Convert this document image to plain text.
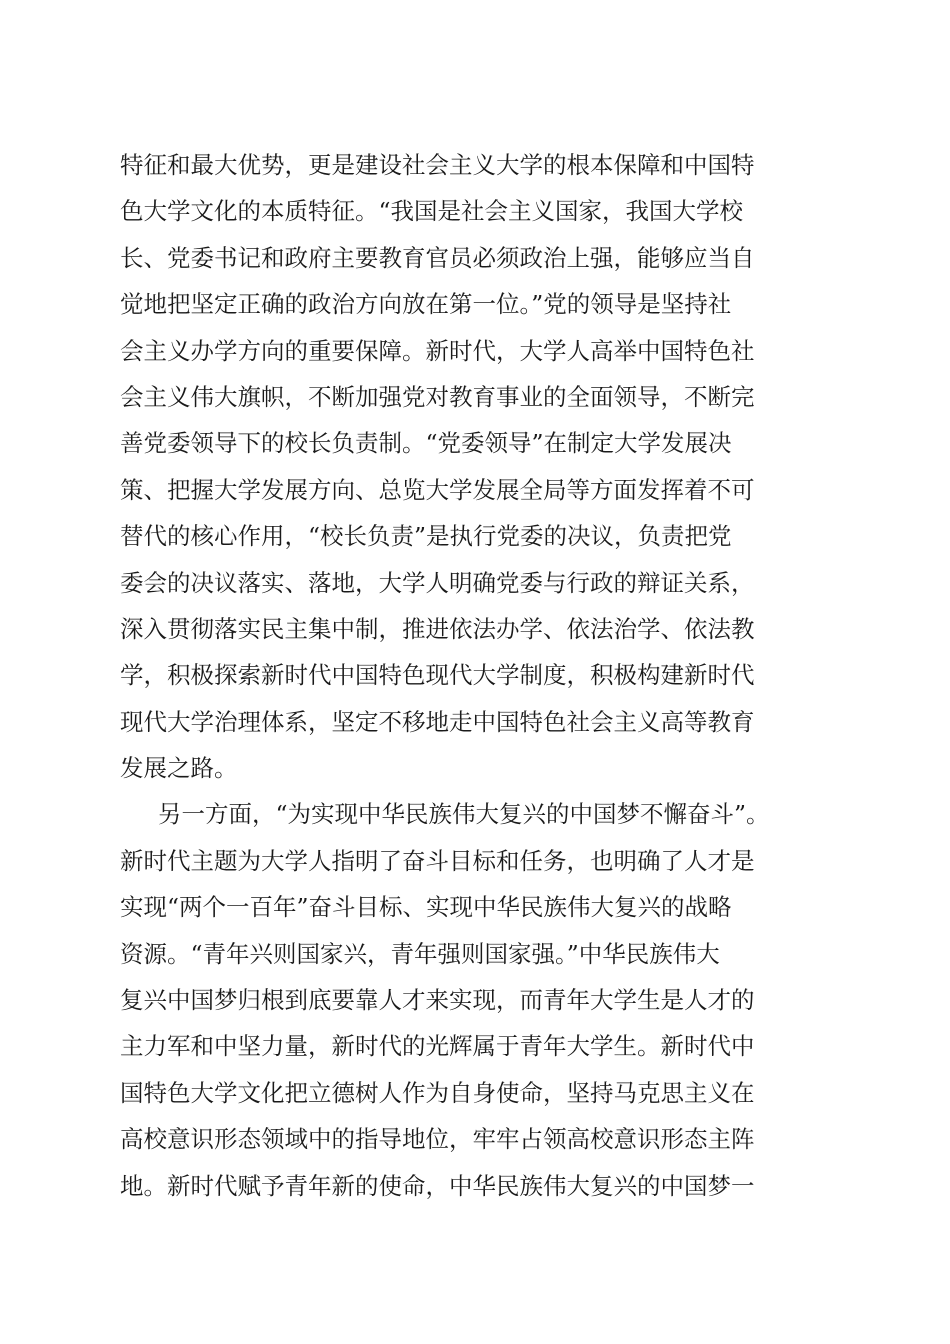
特征和最大优势，更是建设社会主义大学的根本保障和中国特
色大学文化的本质特征。“我国是社会主义国家，我国大学校
长、党委书记和政府主要教育官员必须政治上强，能够应当自
觉地把坚定正确的政治方向放在第一位。”党的领导是坚持社
会主义办学方向的重要保障。新时代，大学人高举中国特色社
会主义伟大旗帜，不断加强党对教育事业的全面领导，不断完
善党委领导下的校长负责制。“党委领导”在制定大学发展决
策、把握大学发展方向、总览大学发展全局等方面发挥着不可
替代的核心作用，“校长负责”是执行党委的决议，负责把党
委会的决议落实、落地，大学人明确党委与行政的辩证关系，
深入贯彻落实民主集中制，推进依法办学、依法治学、依法教
学，积极探索新时代中国特色现代大学制度，积极构建新时代
现代大学治理体系，坚定不移地走中国特色社会主义高等教育
发展之路。
另一方面，“为实现中华民族伟大复兴的中国梦不懈奋斗”。
新时代主题为大学人指明了奋斗目标和任务，也明确了人才是
实现“两个一百年”奋斗目标、实现中华民族伟大复兴的战略
资源。“青年兴则国家兴，青年强则国家强。”中华民族伟大
复兴中国梦归根到底要靠人才来实现，而青年大学生是人才的
主力军和中坚力量，新时代的光辉属于青年大学生。新时代中
国特色大学文化把立德树人作为自身使命，坚持马克思主义在
高校意识形态领域中的指导地位，牢牢占领高校意识形态主阵
地。新时代赋予青年新的使命，中华民族伟大复兴的中国梦一
